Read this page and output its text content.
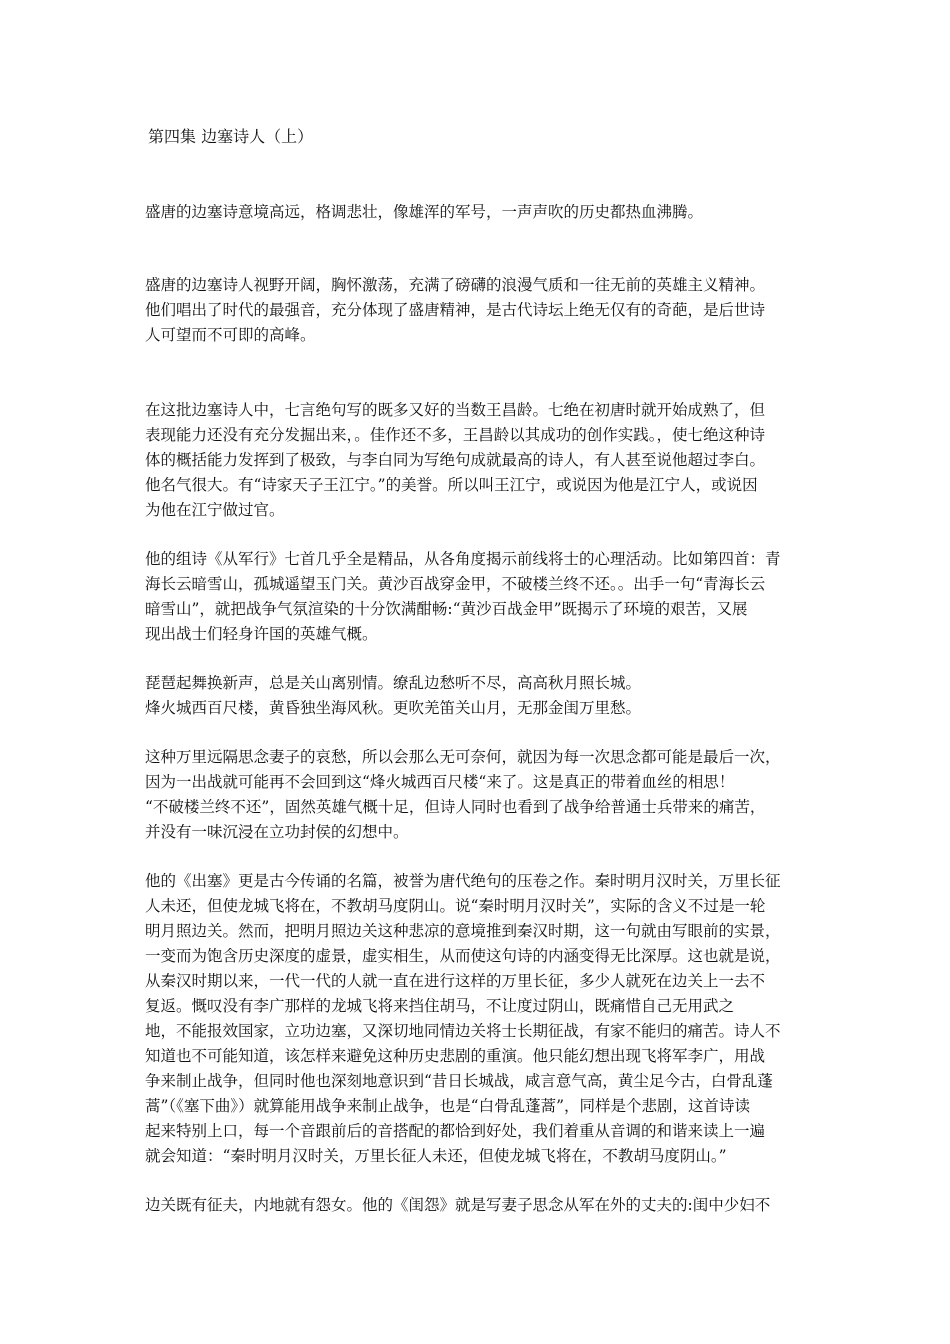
第四集 边塞诗人（上）
盛唐的边塞诗意境高远，格调悲壮，像雄浑的军号，一声声吹的历史都热血沸腾。
盛唐的边塞诗人视野开阔，胸怀激荡，充满了磅礴的浪漫气质和一往无前的英雄主义精神。
他们唱出了时代的最强音，充分体现了盛唐精神，是古代诗坛上绝无仅有的奇葩，是后世诗
人可望而不可即的高峰。
在这批边塞诗人中，七言绝句写的既多又好的当数王昌龄。七绝在初唐时就开始成熟了，但
表现能力还没有充分发掘出来，。佳作还不多，王昌龄以其成功的创作实践。，使七绝这种诗
体的概括能力发挥到了极致，与李白同为写绝句成就最高的诗人，有人甚至说他超过李白。
他名气很大。有“诗家天子王江宁。”的美誉。所以叫王江宁，或说因为他是江宁人，或说因
为他在江宁做过官。
他的组诗《从军行》七首几乎全是精品，从各角度揭示前线将士的心理活动。比如第四首：青
海长云暗雪山，孤城遥望玉门关。黄沙百战穿金甲，不破楼兰终不还。。出手一句“青海长云
暗雪山”，就把战争气氛渲染的十分饮满酣畅:“黄沙百战金甲”既揭示了环境的艰苦，又展
现出战士们轻身许国的英雄气概。
琵琶起舞换新声，总是关山离别情。缭乱边愁听不尽，高高秋月照长城。
烽火城西百尺楼，黄昏独坐海风秋。更吹羌笛关山月，无那金闺万里愁。
这种万里远隔思念妻子的哀愁，所以会那么无可奈何，就因为每一次思念都可能是最后一次，
因为一出战就可能再不会回到这“烽火城西百尺楼“来了。这是真正的带着血丝的相思！
“不破楼兰终不还”，固然英雄气概十足，但诗人同时也看到了战争给普通士兵带来的痛苦，
并没有一味沉浸在立功封侯的幻想中。
他的《出塞》更是古今传诵的名篇，被誉为唐代绝句的压卷之作。秦时明月汉时关，万里长征
人未还，但使龙城飞将在，不教胡马度阴山。说“秦时明月汉时关”，实际的含义不过是一轮
明月照边关。然而，把明月照边关这种悲凉的意境推到秦汉时期，这一句就由写眼前的实景，
一变而为饱含历史深度的虚景，虚实相生，从而使这句诗的内涵变得无比深厚。这也就是说，
从秦汉时期以来，一代一代的人就一直在进行这样的万里长征，多少人就死在边关上一去不
复返。慨叹没有李广那样的龙城飞将来挡住胡马，不让度过阴山，既痛惜自己无用武之
地，不能报效国家，立功边塞，又深切地同情边关将士长期征战，有家不能归的痛苦。诗人不
知道也不可能知道，该怎样来避免这种历史悲剧的重演。他只能幻想出现飞将军李广，用战
争来制止战争，但同时他也深刻地意识到“昔日长城战，咸言意气高，黄尘足今古，白骨乱蓬
蒿”（《塞下曲》）就算能用战争来制止战争，也是“白骨乱蓬蒿”，同样是个悲剧，这首诗读
起来特别上口，每一个音跟前后的音搭配的都恰到好处，我们着重从音调的和谐来读上一遍
就会知道：“秦时明月汉时关，万里长征人未还，但使龙城飞将在，不教胡马度阴山。”
边关既有征夫，内地就有怨女。他的《闺怨》就是写妻子思念从军在外的丈夫的:闺中少妇不
